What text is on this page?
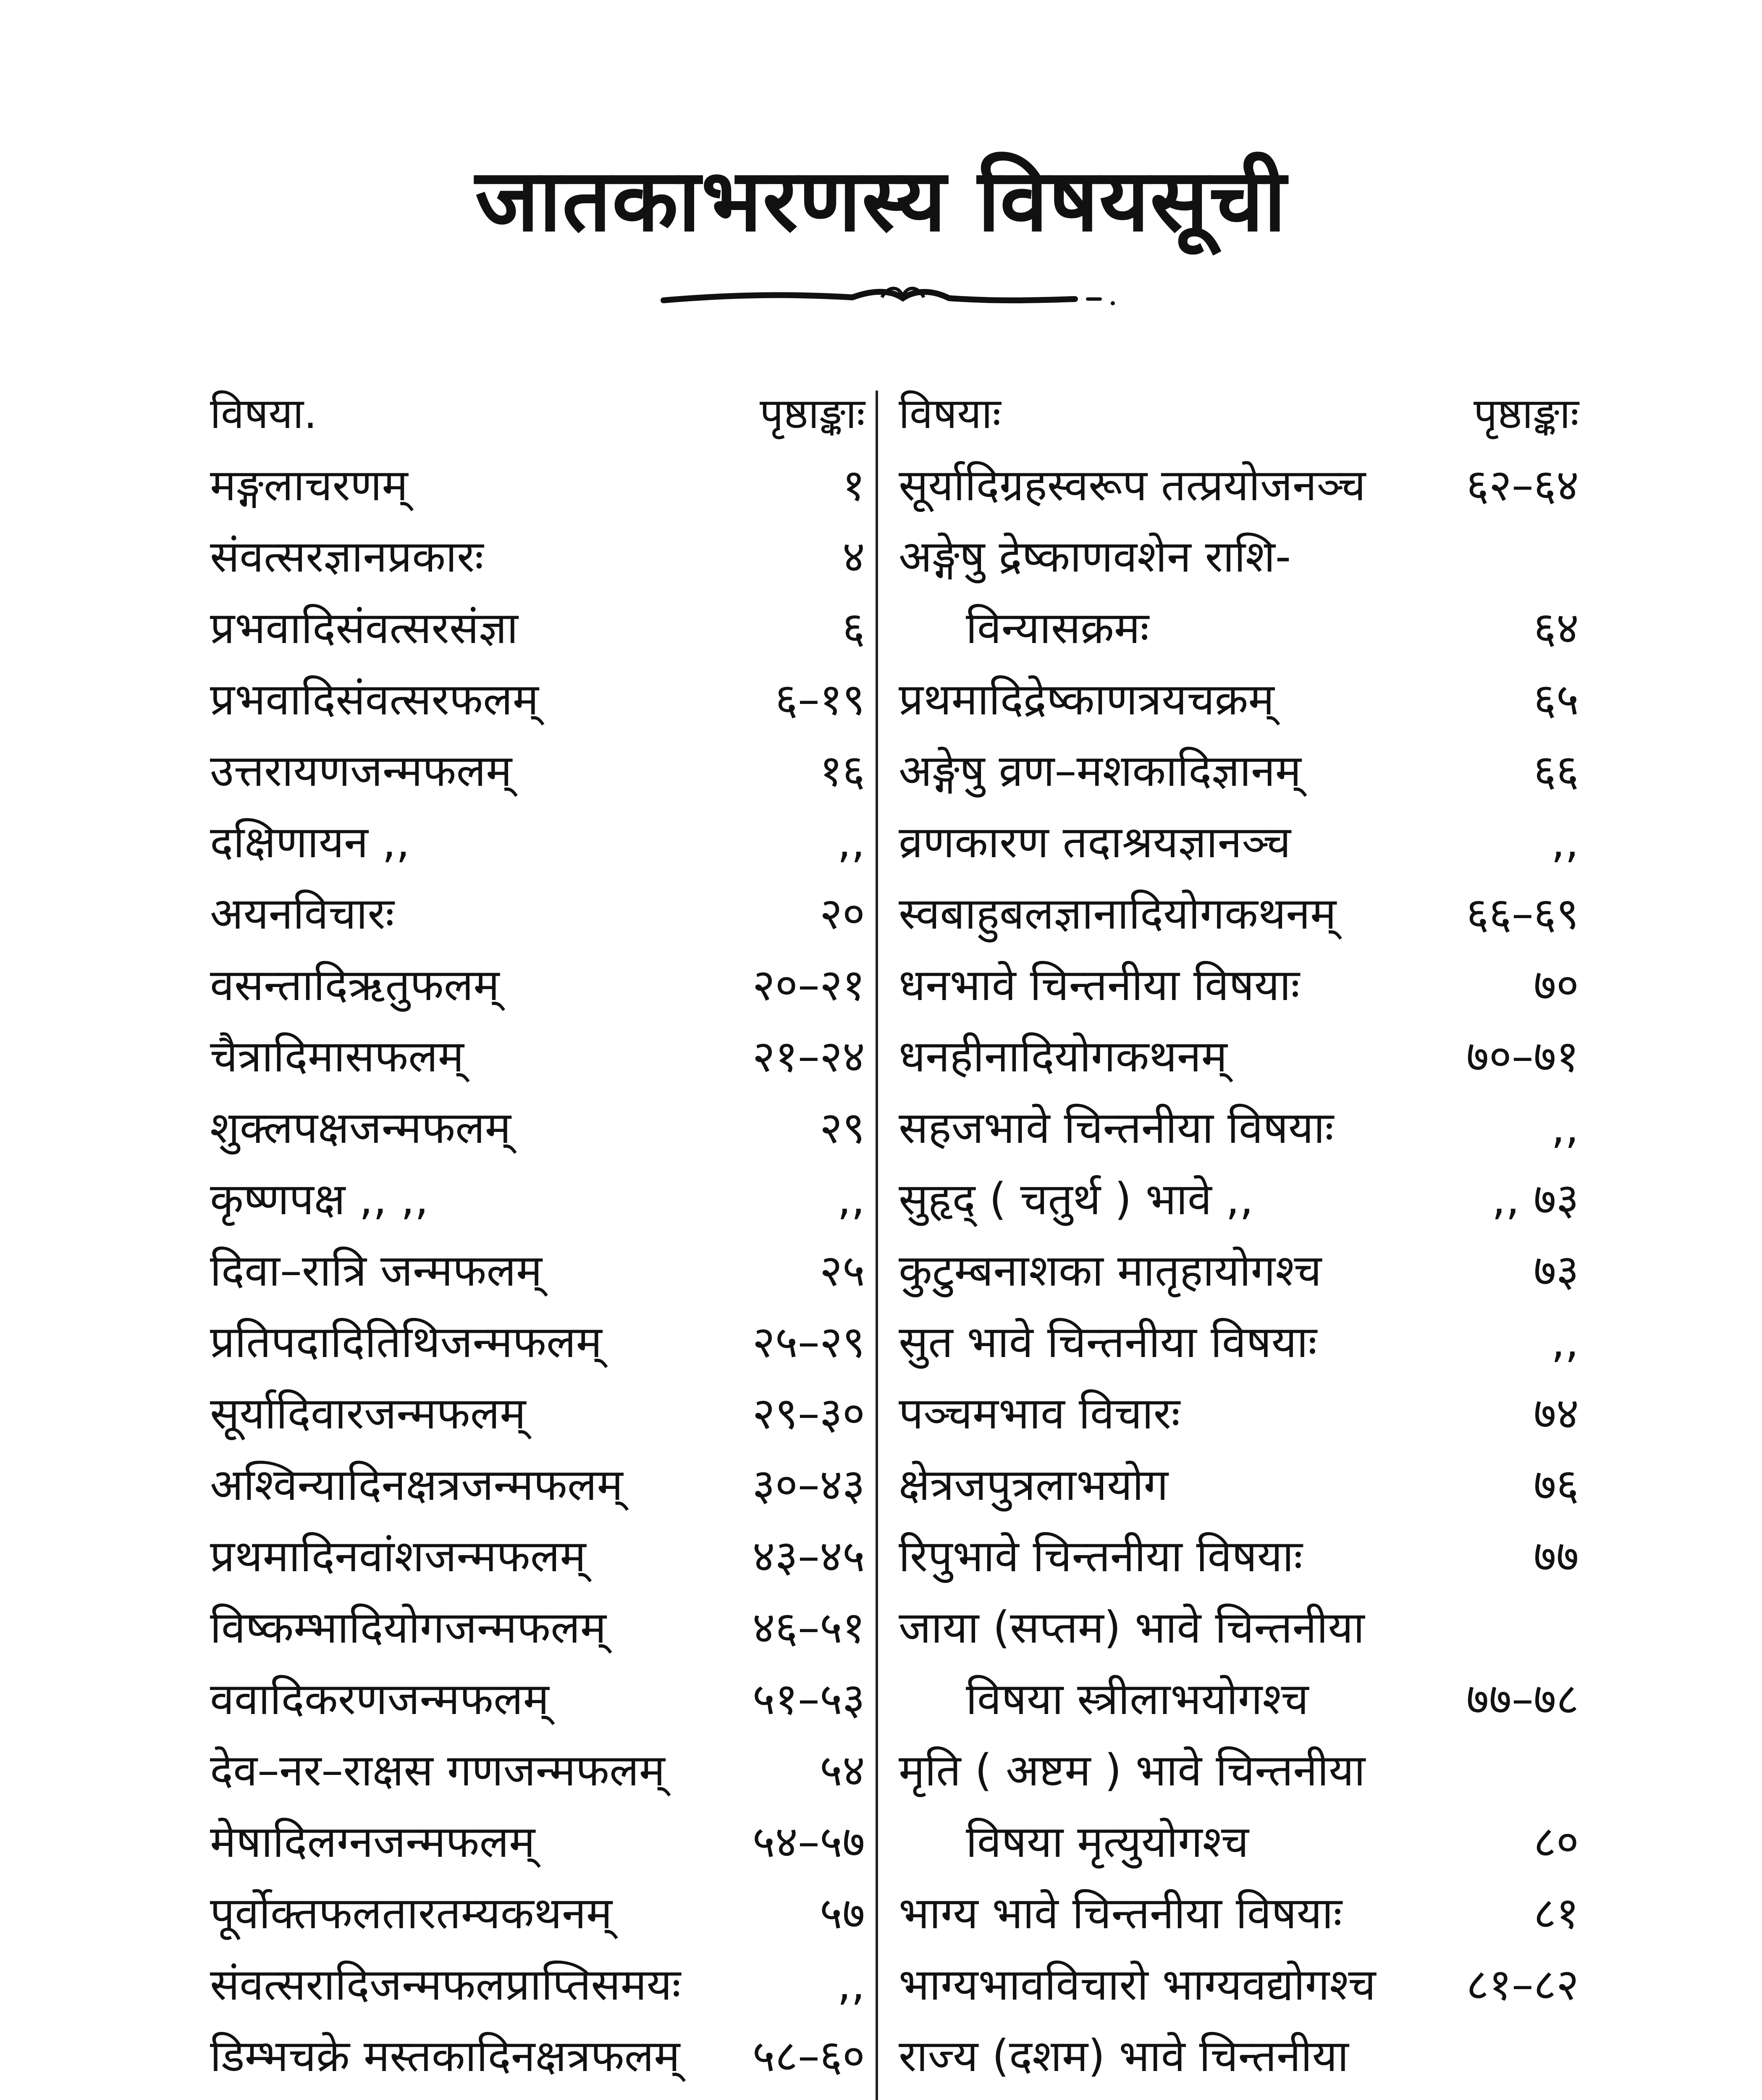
जातकाभरणस्य विषयसूची
विषया.	पृष्ठाङ्काः
मङ्गलाचरणम्	१
संवत्सरज्ञानप्रकारः	४
प्रभवादिसंवत्सरसंज्ञा	६
प्रभवादिसंवत्सरफलम्	६–१९
उत्तरायणजन्मफलम्	१६
दक्षिणायन ,,	,,
अयनविचारः	२०
वसन्तादिऋतुफलम्	२०–२१
चैत्रादिमासफलम्	२१–२४
शुक्लपक्षजन्मफलम्	२९
कृष्णपक्ष ,, ,,	,,
दिवा–रात्रि जन्मफलम्	२५
प्रतिपदादितिथिजन्मफलम्	२५–२९
सूर्यादिवारजन्मफलम्	२९–३०
अश्विन्यादिनक्षत्रजन्मफलम्	३०–४३
प्रथमादिनवांशजन्मफलम्	४३–४५
विष्कम्भादियोगजन्मफलम्	४६–५१
ववादिकरणजन्मफलम्	५१–५३
देव–नर–राक्षस गणजन्मफलम्	५४
मेषादिलग्नजन्मफलम्	५४–५७
पूर्वोक्तफलतारतम्यकथनम्	५७
संवत्सरादिजन्मफलप्राप्तिसमयः	,,
डिम्भचक्रे मस्तकादिनक्षत्रफलम्	५८–६०
विषयाः	पृष्ठाङ्काः
सूर्यादिग्रहस्वरूप तत्प्रयोजनञ्च	६२–६४
अङ्गेषु द्रेष्काणवशेन राशि-
विन्यासक्रमः	६४
प्रथमादिद्रेष्काणत्रयचक्रम्	६५
अङ्गेषु व्रण–मशकादिज्ञानम्	६६
व्रणकारण तदाश्रयज्ञानञ्च	,,
स्वबाहुबलज्ञानादियोगकथनम्	६६–६९
धनभावे चिन्तनीया विषयाः	७०
धनहीनादियोगकथनम्	७०–७१
सहजभावे चिन्तनीया विषयाः	,,
सुहृद् ( चतुर्थ ) भावे ,,	,, ७३
कुटुम्बनाशका मातृहायोगश्च	७३
सुत भावे चिन्तनीया विषयाः	,,
पञ्चमभाव विचारः	७४
क्षेत्रजपुत्रलाभयोग	७६
रिपुभावे चिन्तनीया विषयाः	७७
जाया (सप्तम) भावे चिन्तनीया
विषया स्त्रीलाभयोगश्च	७७–७८
मृति ( अष्टम ) भावे चिन्तनीया
विषया मृत्युयोगश्च	८०
भाग्य भावे चिन्तनीया विषयाः	८१
भाग्यभावविचारो भाग्यवद्योगश्च	८१–८२
राज्य (दशम) भावे चिन्तनीया
